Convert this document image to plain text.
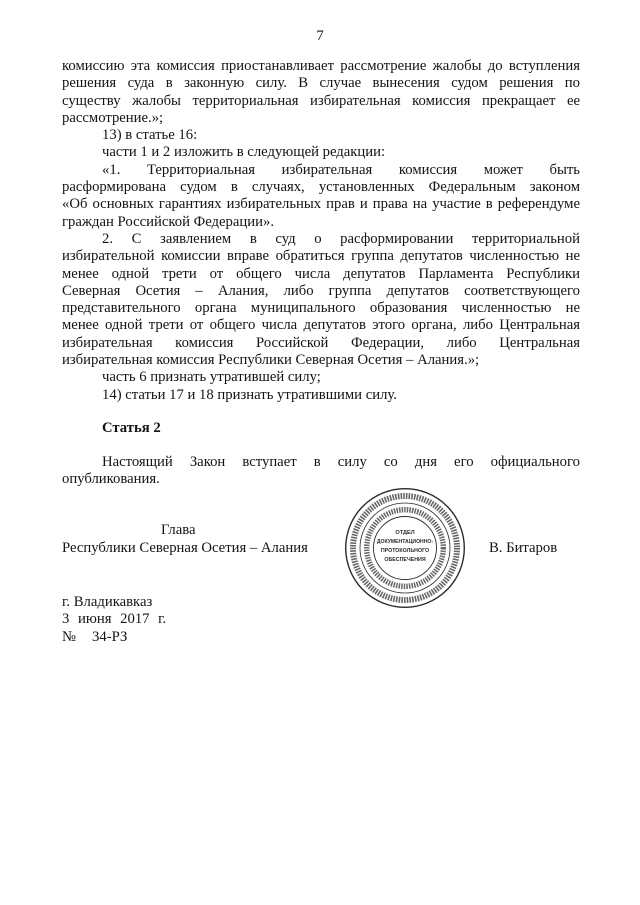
7
комиссию эта комиссия приостанавливает рассмотрение жалобы до вступления
решения суда в законную силу. В случае вынесения судом решения по
существу жалобы территориальная избирательная комиссия прекращает ее
рассмотрение.»;
13) в статье 16:
части 1 и 2 изложить в следующей редакции:
«1. Территориальная избирательная комиссия может быть
расформирована судом в случаях, установленных Федеральным законом
«Об основных гарантиях избирательных прав и права на участие в референдуме
граждан Российской Федерации».
2. С заявлением в суд о расформировании территориальной
избирательной комиссии вправе обратиться группа депутатов численностью не
менее одной трети от общего числа депутатов Парламента Республики
Северная Осетия – Алания, либо группа депутатов соответствующего
представительного органа муниципального образования численностью не
менее одной трети от общего числа депутатов этого органа, либо Центральная
избирательная комиссия Российской Федерации, либо Центральная
избирательная комиссия Республики Северная Осетия – Алания.»;
часть 6 признать утратившей силу;
14) статьи 17 и 18 признать утратившими силу.
Статья 2
Настоящий Закон вступает в силу со дня его официального
опубликования.
Глава
Республики Северная Осетия – Алания	В. Битаров
ОТДЕЛ
ДОКУМЕНТАЦИОННО-
ПРОТОКОЛЬНОГО
ОБЕСПЕЧЕНИЯ
г. Владикавказ
3 июня 2017 г.
№ 34-РЗ
